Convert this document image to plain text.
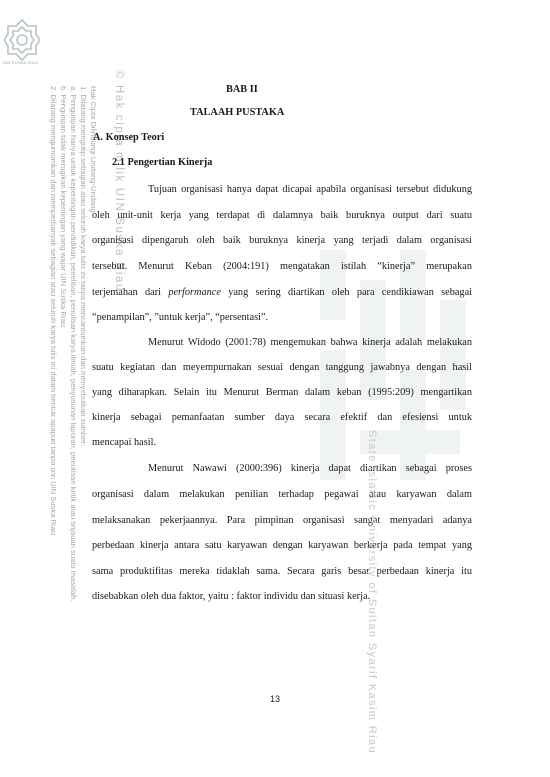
UIN SUSKA RIAU
© Hak cipta milik UIN Suska Riau
Hak Cipta Dilindungi Undang-Undang
1. Dilarang mengutip sebagian atau seluruh karya tulis ini tanpa mencantumkan dan menyebutkan sumber:
a. Pengutipan hanya untuk kepentingan pendidikan, penelitian, penulisan karya ilmiah, penyusunan laporan, penulisan kritik atau tinjauan suatu masalah.
b. Pengutipan tidak merugikan kepentingan yang wajar UIN Suska Riau.
2. Dilarang mengumumkan dan memperbanyak sebagian atau seluruh karya tulis ini dalam bentuk apapun tanpa izin UIN Suska Riau.	BAB II
TALAAH PUSTAKA
A. Konsep Teori
2.1 Pengertian Kinerja
Tujuan organisasi hanya dapat dicapai apabila organisasi tersebut didukung
oleh unit-unit kerja yang terdapat di dalamnya baik buruknya output dari suatu
organisasi dipengaruh oleh baik buruknya kinerja yang terjadi dalam organisasi
tersebut. Menurut Keban (2004:191) mengatakan istilah “kinerja” merupakan
terjemahan dari performance yang sering diartikan oleh para cendikiawan sebagai
“penampilan”, ”untuk kerja”, “persentasi”.
Menurut Widodo (2001:78) mengemukan bahwa kinerja adalah melakukan
suatu kegiatan dan meyempurnakan sesuai dengan tanggung jawabnya dengan hasil
yang diharapkan. Selain itu Menurut Berman dalam keban (1995:209) mengartikan
kinerja sebagai pemanfaatan sumber daya secara efektif dan efesiensi untuk
mencapai hasil.
Menurut Nawawi (2000:396) kinerja dapat diartikan sebagai proses
organisasi dalam melakukan penilian terhadap pegawai atau karyawan dalam
melaksanakan pekerjaannya. Para pimpinan organisasi sangat menyadari adanya
perbedaan kinerja antara satu karyawan dengan karyawan berkerja pada tempat yang
sama produktifitas mereka tidaklah sama. Secara garis besar perbedaan kinerja itu
disebabkan oleh dua faktor, yaitu : faktor individu dan situasi kerja.
State Islamic University of Sultan Syarif Kasim Riau
13
